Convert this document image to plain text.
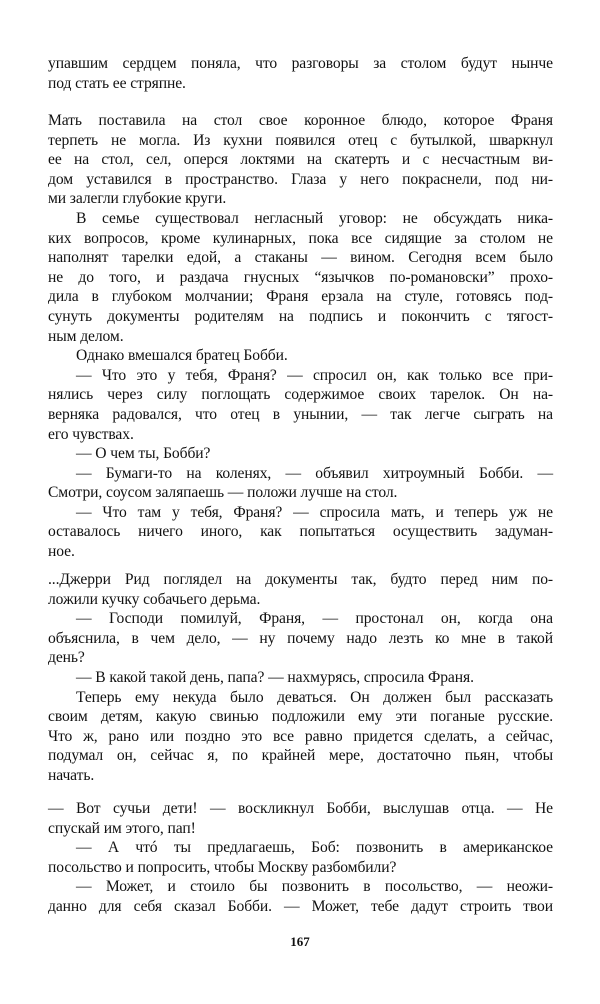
упавшим сердцем поняла, что разговоры за столом будут нынче
под стать ее стряпне.
Мать поставила на стол свое коронное блюдо, которое Франя
терпеть не могла. Из кухни появился отец с бутылкой, шваркнул
ее на стол, сел, оперся локтями на скатерть и с несчастным ви-
дом уставился в пространство. Глаза у него покраснели, под ни-
ми залегли глубокие круги.
В семье существовал негласный уговор: не обсуждать ника-
ких вопросов, кроме кулинарных, пока все сидящие за столом не
наполнят тарелки едой, а стаканы — вином. Сегодня всем было
не до того, и раздача гнусных “язычков по-романовски” прохо-
дила в глубоком молчании; Франя ерзала на стуле, готовясь под-
сунуть документы родителям на подпись и покончить с тягост-
ным делом.
Однако вмешался братец Бобби.
— Что это у тебя, Франя? — спросил он, как только все при-
нялись через силу поглощать содержимое своих тарелок. Он на-
верняка радовался, что отец в унынии, — так легче сыграть на
его чувствах.
— О чем ты, Бобби?
— Бумаги-то на коленях, — объявил хитроумный Бобби. —
Смотри, соусом заляпаешь — положи лучше на стол.
— Что там у тебя, Франя? — спросила мать, и теперь уж не
оставалось ничего иного, как попытаться осуществить задуман-
ное.
...Джерри Рид поглядел на документы так, будто перед ним по-
ложили кучку собачьего дерьма.
— Господи помилуй, Франя, — простонал он, когда она
объяснила, в чем дело, — ну почему надо лезть ко мне в такой
день?
— В какой такой день, папа? — нахмурясь, спросила Франя.
Теперь ему некуда было деваться. Он должен был рассказать
своим детям, какую свинью подложили ему эти поганые русские.
Что ж, рано или поздно это все равно придется сделать, а сейчас,
подумал он, сейчас я, по крайней мере, достаточно пьян, чтобы
начать.
— Вот сучьи дети! — воскликнул Бобби, выслушав отца. — Не
спускай им этого, пап!
— А чтó ты предлагаешь, Боб: позвонить в американское
посольство и попросить, чтобы Москву разбомбили?
— Может, и стоило бы позвонить в посольство, — неожи-
данно для себя сказал Бобби. — Может, тебе дадут строить твои
167
